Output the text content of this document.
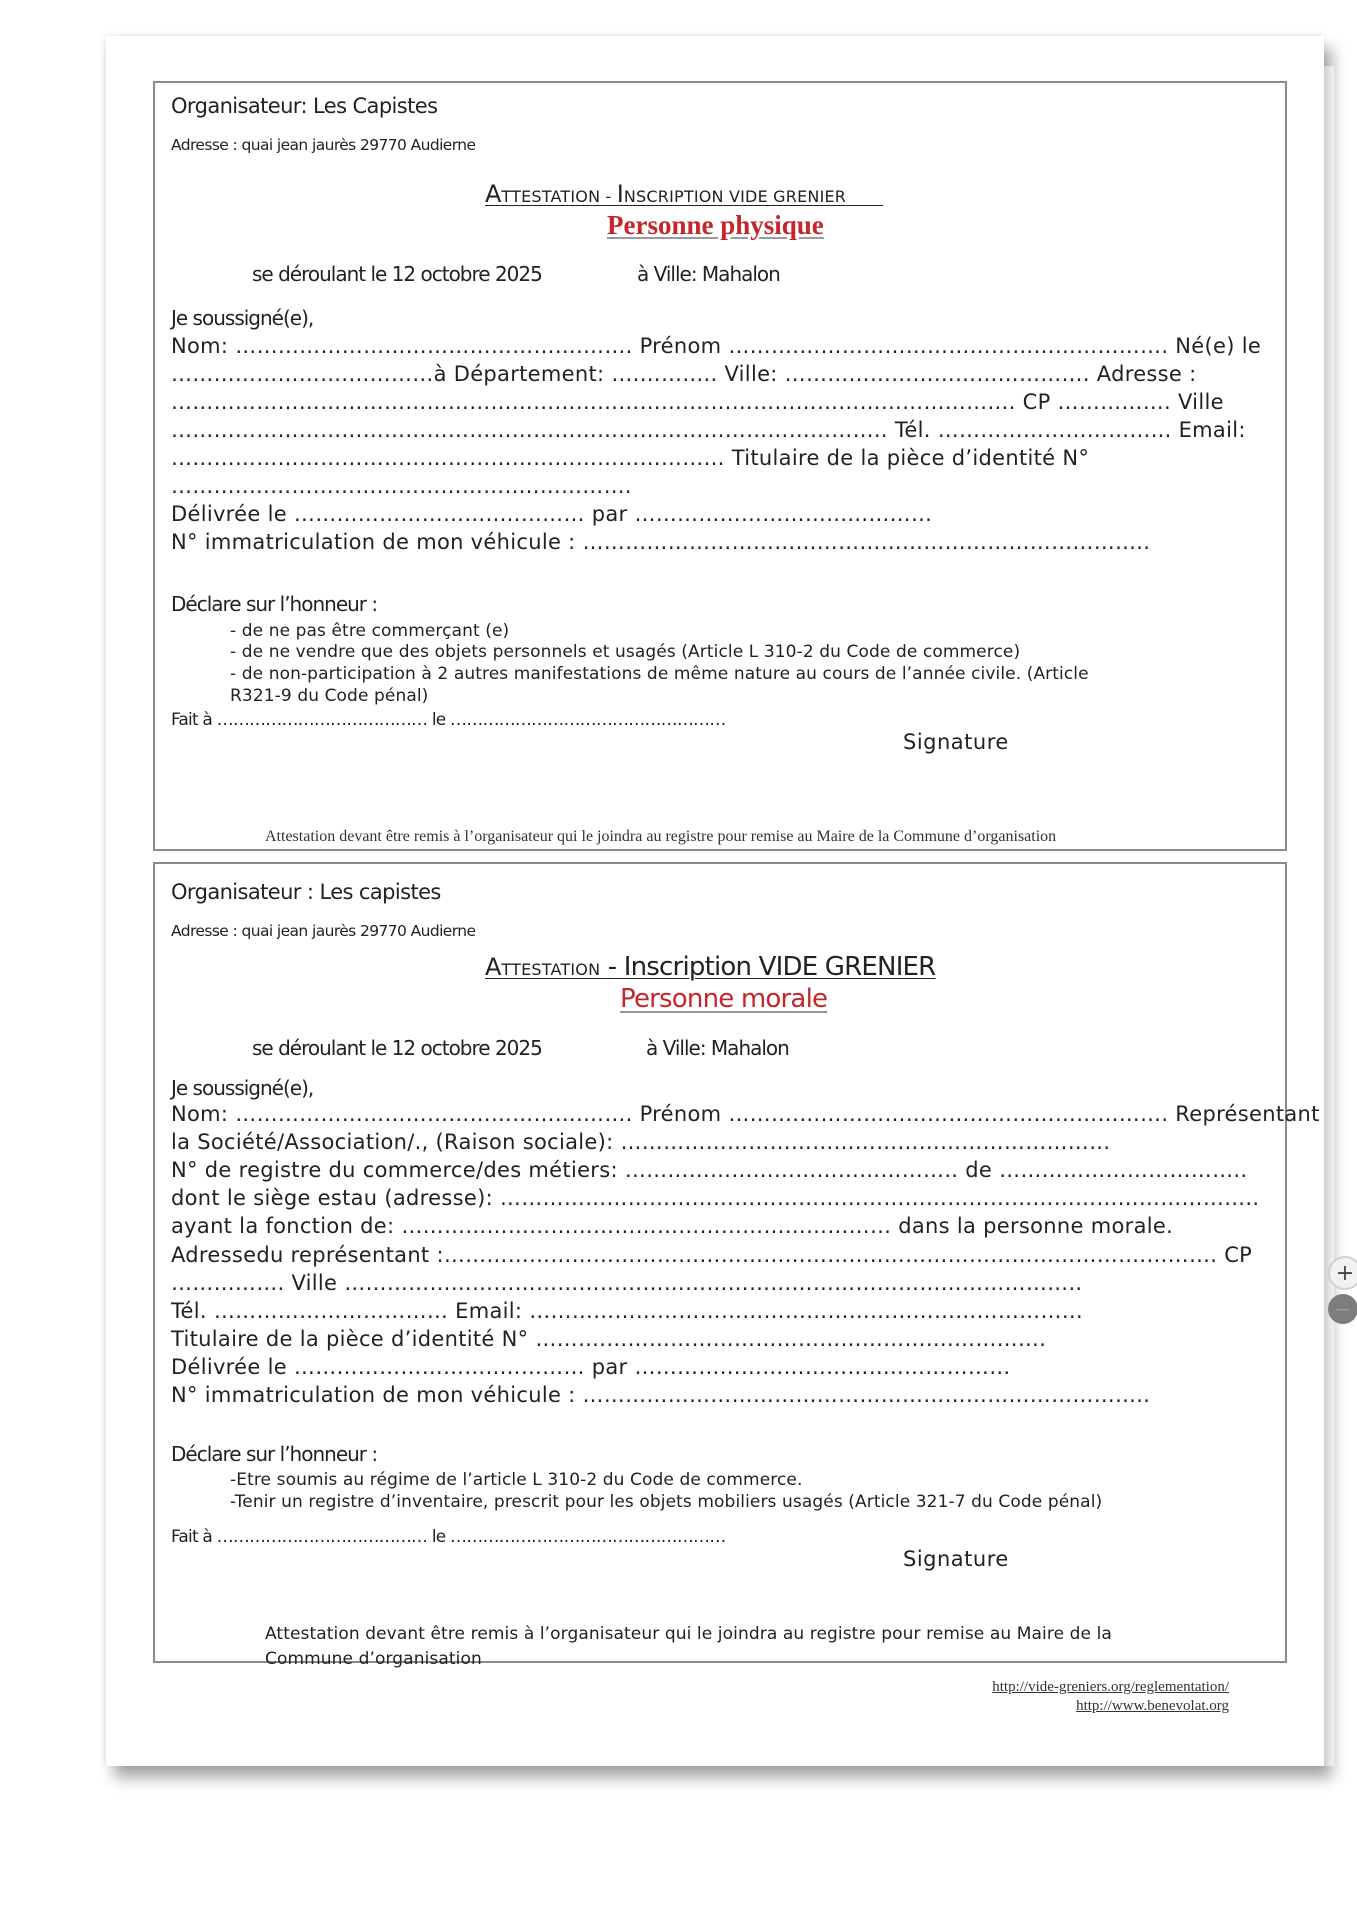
Organisateur: Les Capistes
Adresse : quai jean jaurès 29770 Audierne
ATTESTATION - INSCRIPTION VIDE GRENIER
Personne physique
se déroulant le 12 octobre 2025	à Ville: Mahalon
Je soussigné(e),
Nom: ………………………………………….……. Prénom ……….……………………………………………. Né(e) le
…………………….…………à Département: ….……….. Ville: ……………………………………. Adresse :
……………………………………………………………….………………………………………. CP ……………. Ville
……………………………………………………………………………………….. Tél. …………………………... Email:
…………………………………………………………………… Titulaire de la pièce d’identité N°
………..…………………………………..………….
Délivrée le ………………………..………… par …………………………...………
N° immatriculation de mon véhicule : ……………………………………………………………………..
Déclare sur l’honneur :
- de ne pas être commerçant (e)
- de ne vendre que des objets personnels et usagés (Article L 310-2 du Code de commerce)
- de non-participation à 2 autres manifestations de même nature au cours de l’année civile. (Article
R321-9 du Code pénal)
Fait à ………………………………… le ……………………………………………
Signature
Attestation devant être remis à l’organisateur qui le joindra au registre pour remise au Maire de la Commune d’organisation
Organisateur : Les capistes
Adresse : quai jean jaurès 29770 Audierne
ATTESTATION - Inscription VIDE GRENIER
Personne morale
se déroulant le 12 octobre 2025	à Ville: Mahalon
Je soussigné(e),
Nom: ………………………………………….……. Prénom ……….……………………………………………. Représentant
la Société/Association/., (Raison sociale): ……………………………………………………………
N° de registre du commerce/des métiers: ……………………………………….. de ……………………………..
dont le siège estau (adresse): ……………………………………………………………………………………………..
ayant la fonction de: …………………………………………………………… dans la personne morale.
Adressedu représentant :……………………………………………………..……………………………….………. CP
……………. Ville …………………………………………………………………………………………..
Tél. …………………………… Email: ……………………………………………………………………
Titulaire de la pièce d’identité N° ……….………………………………………….………….
Délivrée le ………………………..………… par ………………………………..……………
N° immatriculation de mon véhicule : ……………………………………………………………………..
Déclare sur l’honneur :
-Etre soumis au régime de l’article L 310-2 du Code de commerce.
-Tenir un registre d’inventaire, prescrit pour les objets mobiliers usagés (Article 321-7 du Code pénal)
Fait à ………………………………… le ……………………………………………
Signature
Attestation devant être remis à l’organisateur qui le joindra au registre pour remise au Maire de la Commune d’organisation
http://vide-greniers.org/reglementation/
http://www.benevolat.org
+
−
